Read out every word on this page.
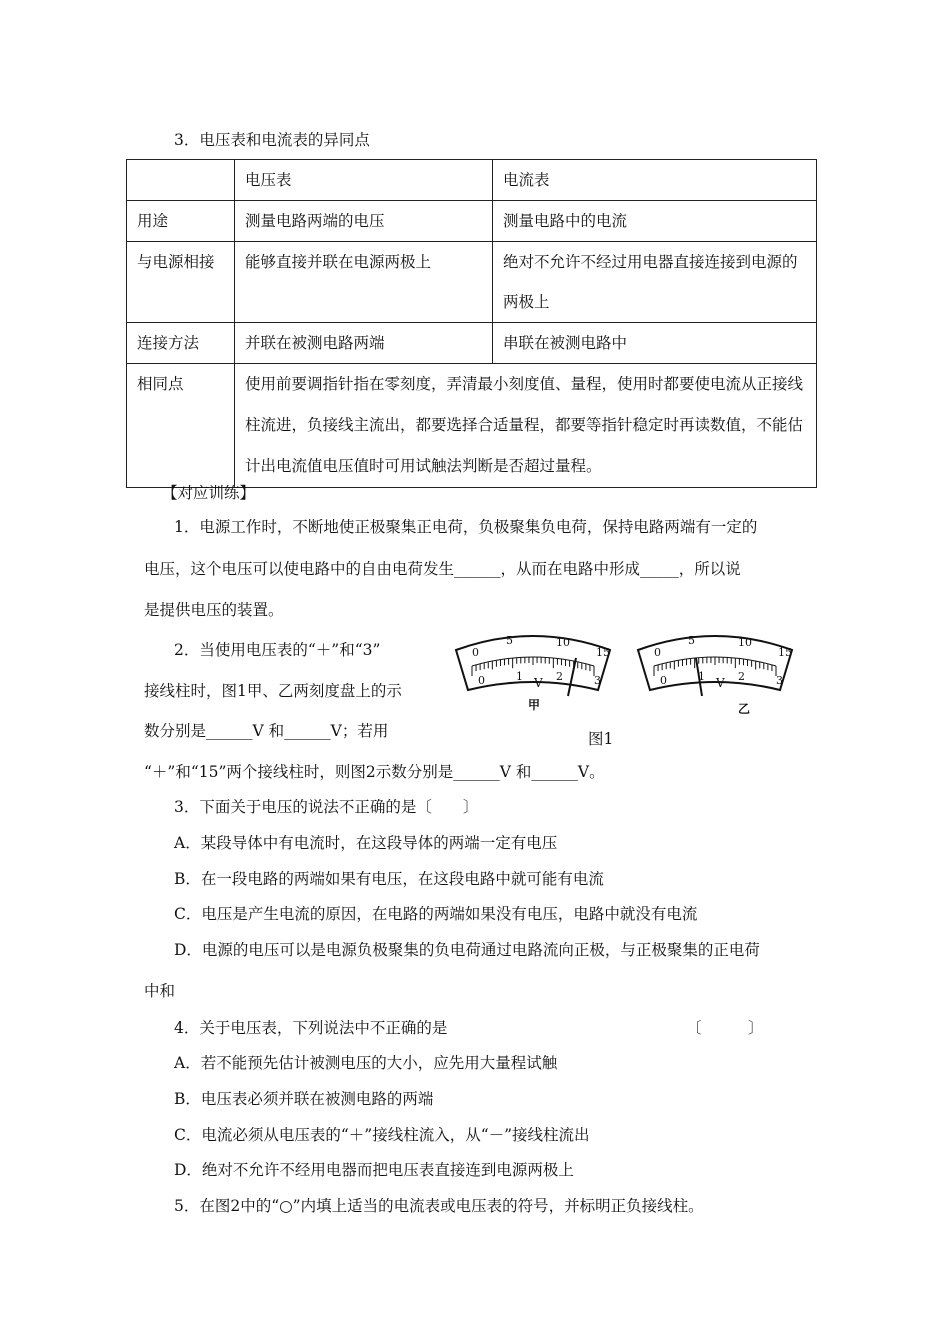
3．电压表和电流表的异同点
	电压表	电流表
用途	测量电路两端的电压	测量电路中的电流
与电源相接	能够直接并联在电源两极上	绝对不允许不经过用电器直接连接到电源的两极上
连接方法	并联在被测电路两端	串联在被测电路中
相同点	使用前要调指针指在零刻度，弄清最小刻度值、量程，使用时都要使电流从正接线柱流进，负接线主流出，都要选择合适量程，都要等指针稳定时再读数值，不能估计出电流值电压值时可用试触法判断是否超过量程。	
【对应训练】
1．电源工作时，不断地使正极聚集正电荷，负极聚集负电荷，保持电路两端有一定的
电压，这个电压可以使电路中的自由电荷发生______，从而在电路中形成_____，所以说
是提供电压的装置。
2．当使用电压表的“＋”和“3”
接线柱时，图1甲、乙两刻度盘上的示
数分别是______V 和______V；若用
“＋”和“15”两个接线柱时，则图2示数分别是______V 和______V。
0
5	10
15
0	1 V 2	3
0
5	10
15
0	1 V 2	3
甲	乙
图1
3．下面关于电压的说法不正确的是〔　　〕
A．某段导体中有电流时，在这段导体的两端一定有电压
B．在一段电路的两端如果有电压，在这段电路中就可能有电流
C．电压是产生电流的原因，在电路的两端如果没有电压，电路中就没有电流
D．电源的电压可以是电源负极聚集的负电荷通过电路流向正极，与正极聚集的正电荷
中和
4．关于电压表，下列说法中不正确的是	〔　　　〕
A．若不能预先估计被测电压的大小，应先用大量程试触
B．电压表必须并联在被测电路的两端
C．电流必须从电压表的“＋”接线柱流入，从“－”接线柱流出
D．绝对不允许不经用电器而把电压表直接连到电源两极上
5．在图2中的“○”内填上适当的电流表或电压表的符号，并标明正负接线柱。
